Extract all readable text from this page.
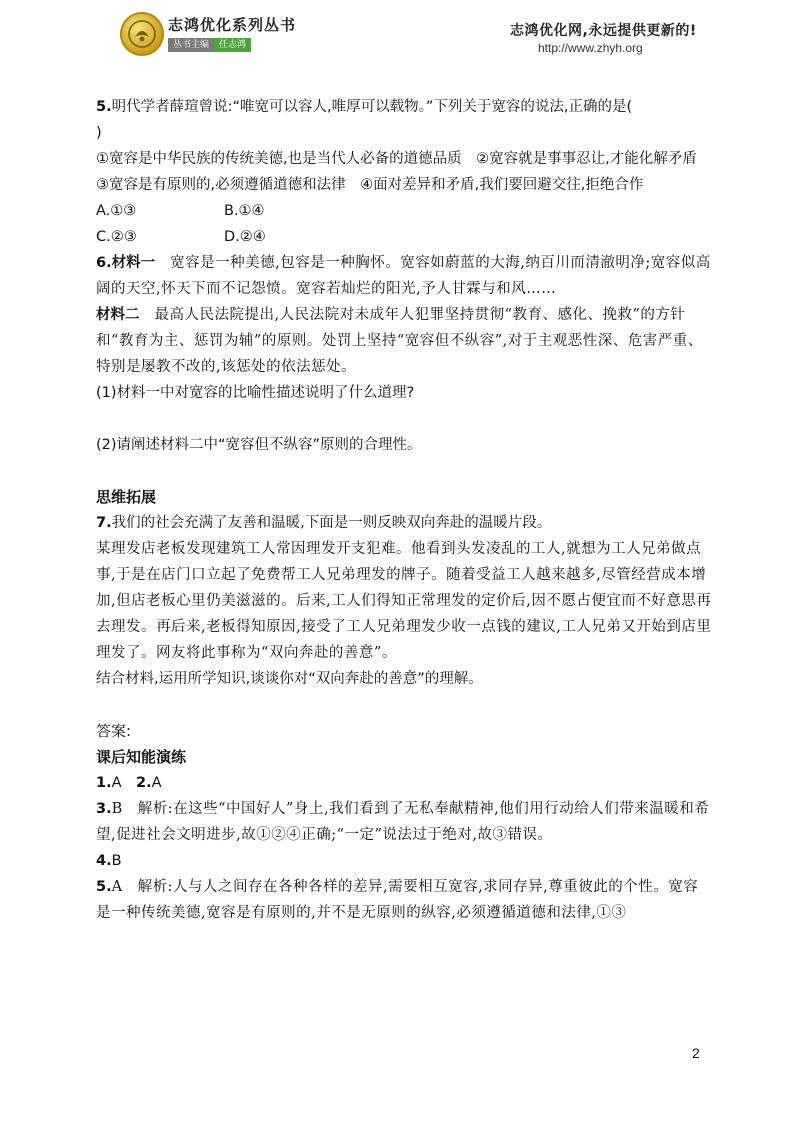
志鸿优化系列丛书
丛书主编	任志鸿
志鸿优化网,永远提供更新的!
http://www.zhyh.org

5.明代学者薛瑄曾说:“唯宽可以容人,唯厚可以载物。”下列关于宽容的说法,正确的是(
)

①宽容是中华民族的传统美德,也是当代人必备的道德品质　②宽容就是事事忍让,才能化解矛盾　③宽容是有原则的,必须遵循道德和法律　④面对差异和矛盾,我们要回避交往,拒绝合作

A.①③	B.①④
C.②③	D.②④

6.材料一　宽容是一种美德,包容是一种胸怀。宽容如蔚蓝的大海,纳百川而清澈明净;宽容似高阔的天空,怀天下而不记怨愤。宽容若灿烂的阳光,予人甘霖与和风……

材料二　最高人民法院提出,人民法院对未成年人犯罪坚持贯彻“教育、感化、挽救”的方针和“教育为主、惩罚为辅”的原则。处罚上坚持“宽容但不纵容”,对于主观恶性深、危害严重、特别是屡教不改的,该惩处的依法惩处。

(1)材料一中对宽容的比喻性描述说明了什么道理?

(2)请阐述材料二中“宽容但不纵容”原则的合理性。

思维拓展

7.我们的社会充满了友善和温暖,下面是一则反映双向奔赴的温暖片段。

某理发店老板发现建筑工人常因理发开支犯难。他看到头发凌乱的工人,就想为工人兄弟做点事,于是在店门口立起了免费帮工人兄弟理发的牌子。随着受益工人越来越多,尽管经营成本增加,但店老板心里仍美滋滋的。后来,工人们得知正常理发的定价后,因不愿占便宜而不好意思再去理发。再后来,老板得知原因,接受了工人兄弟理发少收一点钱的建议,工人兄弟又开始到店里理发了。网友将此事称为“双向奔赴的善意”。

结合材料,运用所学知识,谈谈你对“双向奔赴的善意”的理解。

答案:

课后知能演练

1.A　2.A

3.B　解析:在这些“中国好人”身上,我们看到了无私奉献精神,他们用行动给人们带来温暖和希望,促进社会文明进步,故①②④正确;“一定”说法过于绝对,故③错误。

4.B

5.A　解析:人与人之间存在各种各样的差异,需要相互宽容,求同存异,尊重彼此的个性。宽容是一种传统美德,宽容是有原则的,并不是无原则的纵容,必须遵循道德和法律,①③

2
